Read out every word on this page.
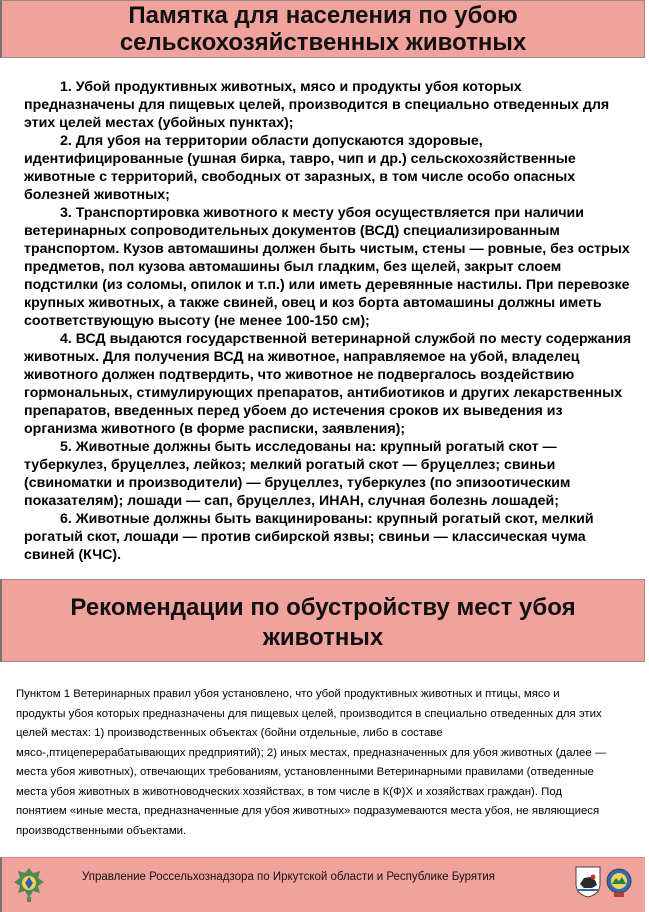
Памятка для населения по убою
сельскохозяйственных животных

1. Убой продуктивных животных, мясо и продукты убоя которых предназначены для пищевых целей, производится в специально отведенных для этих целей местах (убойных пунктах);

2. Для убоя на территории области допускаются здоровые, идентифицированные (ушная бирка, тавро, чип и др.) сельскохозяйственные животные с территорий, свободных от заразных, в том числе особо опасных болезней животных;

3. Транспортировка животного к месту убоя осуществляется при наличии ветеринарных сопроводительных документов (ВСД) специализированным транспортом. Кузов автомашины должен быть чистым, стены — ровные, без острых предметов, пол кузова автомашины был гладким, без щелей, закрыт слоем подстилки (из соломы, опилок и т.п.) или иметь деревянные настилы. При перевозке крупных животных, а также свиней, овец и коз борта автомашины должны иметь соответствующую высоту (не менее 100-150 см);

4. ВСД выдаются государственной ветеринарной службой по месту содержания животных. Для получения ВСД на животное, направляемое на убой, владелец животного должен подтвердить, что животное не подвергалось воздействию гормональных, стимулирующих препаратов, антибиотиков и других лекарственных препаратов, введенных перед убоем до истечения сроков их выведения из организма животного (в форме расписки, заявления);

5. Животные должны быть исследованы на: крупный рогатый скот — туберкулез, бруцеллез, лейкоз; мелкий рогатый скот — бруцеллез; свиньи (свиноматки и производители) — бруцеллез, туберкулез (по эпизоотическим показателям); лошади — сап, бруцеллез, ИНАН, случная болезнь лошадей;

6. Животные должны быть вакцинированы: крупный рогатый скот, мелкий рогатый скот, лошади — против сибирской язвы; свиньи — классическая чума свиней (КЧС).

Рекомендации по обустройству мест убоя
животных
Пунктом 1 Ветеринарных правил убоя установлено, что убой продуктивных животных и птицы, мясо и продукты убоя которых предназначены для пищевых целей, производится в специально отведенных для этих целей местах: 1) производственных объектах (бойни отдельные, либо в составе мясо-,птицеперерабатывающих предприятий); 2) иных местах, предназначенных для убоя животных (далее — места убоя животных), отвечающих требованиям, установленными Ветеринарными правилами (отведенные места убоя животных в животноводческих хозяйствах, в том числе в К(Ф)Х и хозяйствах граждан). Под понятием «иные места, предназначенные для убоя животных» подразумеваются места убоя, не являющиеся производственными объектами.
Управление Россельхознадзора по Иркутской области и Республике Бурятия
